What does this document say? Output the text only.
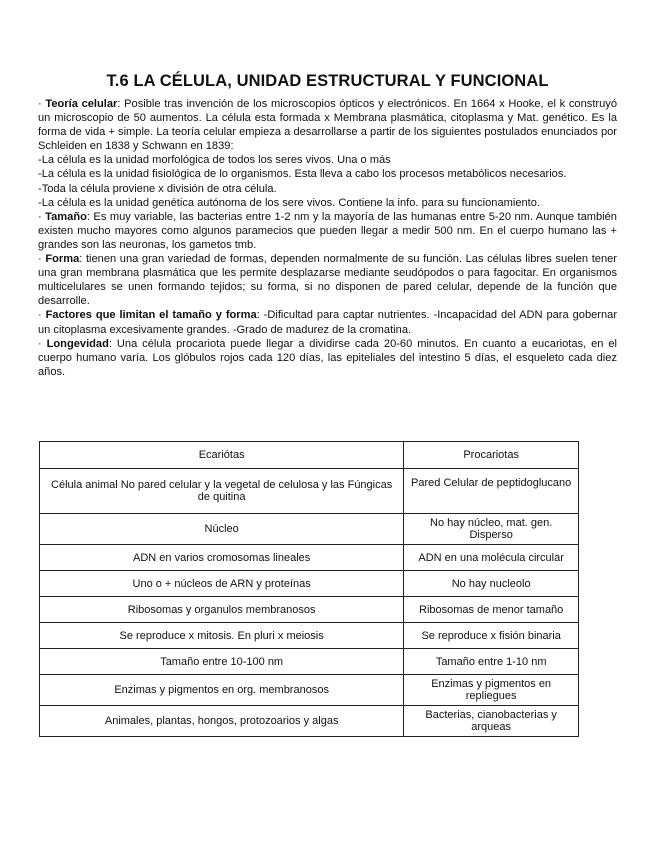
T.6 LA CÉLULA, UNIDAD ESTRUCTURAL Y FUNCIONAL

· Teoría celular: Posible tras invención de los microscopios ópticos y electrónicos. En 1664 x Hooke, el k construyó un microscopio de 50 aumentos. La célula esta formada x Membrana plasmática, citoplasma y Mat. genético. Es la forma de vida + simple. La teoría celular empieza a desarrollarse a partir de los siguientes postulados enunciados por Schleiden en 1838 y Schwann en 1839:

-La célula es la unidad morfológica de todos los seres vivos. Una o más

-La célula es la unidad fisiológica de lo organismos. Esta lleva a cabo los procesos metabólicos necesarios.

-Toda la célula proviene x división de otra célula.

-La célula es la unidad genética autónoma de los sere vivos. Contiene la info. para su funcionamiento.

· Tamaño: Es muy variable, las bacterias entre 1-2 nm y la mayoría de las humanas entre 5-20 nm. Aunque también existen mucho mayores como algunos paramecios que pueden llegar a medir 500 nm. En el cuerpo humano las + grandes son las neuronas, los gametos tmb.

· Forma: tienen una gran variedad de formas, dependen normalmente de su función. Las células libres suelen tener una gran membrana plasmática que les permite desplazarse mediante seudópodos o para fagocitar. En organismos multicelulares se unen formando tejidos; su forma, si no disponen de pared celular, depende de la función que desarrolle.

· Factores que limitan el tamaño y forma: -Dificultad para captar nutrientes. -Incapacidad del ADN para gobernar un citoplasma excesivamente grandes. -Grado de madurez de la cromatina.

· Longevidad: Una célula procariota puede llegar a dividirse cada 20-60 minutos. En cuanto a eucariotas, en el cuerpo humano varía. Los glóbulos rojos cada 120 días, las epiteliales del intestino 5 días, el esqueleto cada diez años.

Ecariótas	Procariotas
Célula animal No pared celular y la vegetal de celulosa y las Fúngicas de quitina	Pared Celular de peptidoglucano
Núcleo	No hay núcleo, mat. gen. Disperso
ADN en varios cromosomas lineales	ADN en una molécula circular
Uno o + núcleos de ARN y proteínas	No hay nucleolo
Ribosomas y organulos membranosos	Ribosomas de menor tamaño
Se reproduce x mitosis. En pluri x meiosis	Se reproduce x fisión binaria
Tamaño entre 10-100 nm	Tamaño entre 1-10 nm
Enzimas y pigmentos en org. membranosos	Enzimas y pigmentos en repliegues
Animales, plantas, hongos, protozoarios y algas	Bacterias, cianobacterias y arqueas
